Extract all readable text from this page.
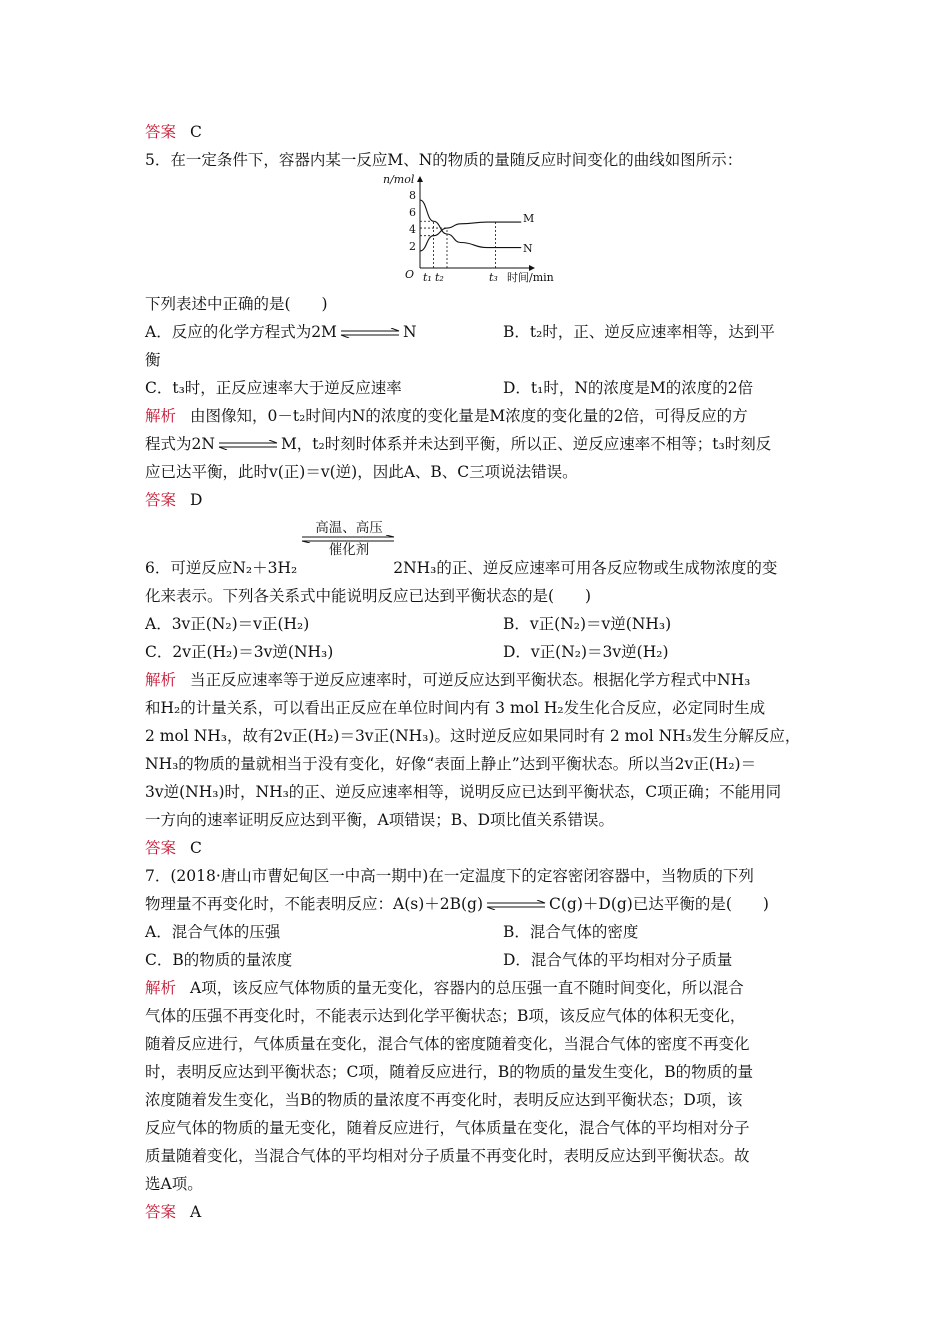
答案 C
5．在一定条件下，容器内某一反应M、N的物质的量随反应时间变化的曲线如图所示：
n/mol
8
6
4
2
O t₁ t₂	t₃ 时间/min
M
N
下列表述中正确的是(　　)
A．反应的化学方程式为2M ⇌ N	B．t₂时，正、逆反应速率相等，达到平
衡
C．t₃时，正反应速率大于逆反应速率	D．t₁时，N的浓度是M的浓度的2倍
解析 由图像知，0－t₂时间内N的浓度的变化量是M浓度的变化量的2倍，可得反应的方
程式为2N ⇌ M，t₂时刻时体系并未达到平衡，所以正、逆反应速率不相等；t₃时刻反
应已达平衡，此时v(正)＝v(逆)，因此A、B、C三项说法错误。
答案 D
高温、高压
催化剂
6．可逆反应N₂＋3H₂	2NH₃的正、逆反应速率可用各反应物或生成物浓度的变
化来表示。下列各关系式中能说明反应已达到平衡状态的是(　　)
A．3v正(N₂)＝v正(H₂)	B．v正(N₂)＝v逆(NH₃)
C．2v正(H₂)＝3v逆(NH₃)	D．v正(N₂)＝3v逆(H₂)
解析 当正反应速率等于逆反应速率时，可逆反应达到平衡状态。根据化学方程式中NH₃
和H₂的计量关系，可以看出正反应在单位时间内有 3 mol H₂发生化合反应，必定同时生成
2 mol NH₃，故有2v正(H₂)＝3v正(NH₃)。这时逆反应如果同时有 2 mol NH₃发生分解反应，
NH₃的物质的量就相当于没有变化，好像“表面上静止”达到平衡状态。所以当2v正(H₂)＝
3v逆(NH₃)时，NH₃的正、逆反应速率相等，说明反应已达到平衡状态，C项正确；不能用同
一方向的速率证明反应达到平衡，A项错误；B、D项比值关系错误。
答案 C
7．(2018·唐山市曹妃甸区一中高一期中)在一定温度下的定容密闭容器中，当物质的下列
物理量不再变化时，不能表明反应：A(s)＋2B(g) ⇌ C(g)＋D(g)已达平衡的是(　　)
A．混合气体的压强	B．混合气体的密度
C．B的物质的量浓度	D．混合气体的平均相对分子质量
解析 A项，该反应气体物质的量无变化，容器内的总压强一直不随时间变化，所以混合
气体的压强不再变化时，不能表示达到化学平衡状态；B项，该反应气体的体积无变化，
随着反应进行，气体质量在变化，混合气体的密度随着变化，当混合气体的密度不再变化
时，表明反应达到平衡状态；C项，随着反应进行，B的物质的量发生变化，B的物质的量
浓度随着发生变化，当B的物质的量浓度不再变化时，表明反应达到平衡状态；D项，该
反应气体的物质的量无变化，随着反应进行，气体质量在变化，混合气体的平均相对分子
质量随着变化，当混合气体的平均相对分子质量不再变化时，表明反应达到平衡状态。故
选A项。
答案 A
